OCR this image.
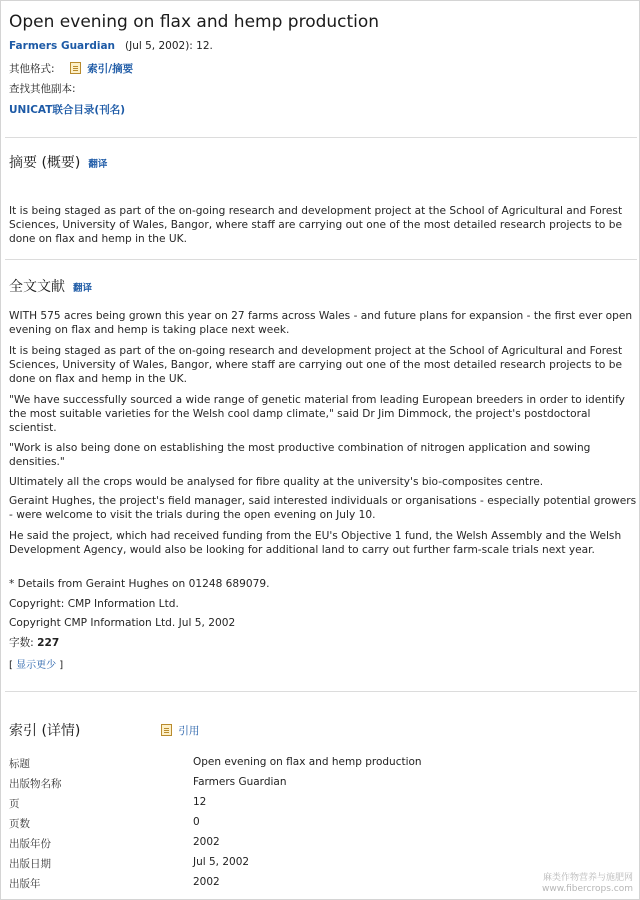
Open evening on flax and hemp production
Farmers Guardian (Jul 5, 2002): 12.
其他格式:	索引/摘要
查找其他副本:
UNICAT联合目录(刊名)
摘要 (概要) 翻译
It is being staged as part of the on-going research and development project at the School of Agricultural and Forest Sciences, University of Wales, Bangor, where staff are carrying out one of the most detailed research projects to be done on flax and hemp in the UK.
全文文献 翻译
WITH 575 acres being grown this year on 27 farms across Wales - and future plans for expansion - the first ever open evening on flax and hemp is taking place next week.
It is being staged as part of the on-going research and development project at the School of Agricultural and Forest Sciences, University of Wales, Bangor, where staff are carrying out one of the most detailed research projects to be done on flax and hemp in the UK.
"We have successfully sourced a wide range of genetic material from leading European breeders in order to identify the most suitable varieties for the Welsh cool damp climate," said Dr Jim Dimmock, the project's postdoctoral scientist.
"Work is also being done on establishing the most productive combination of nitrogen application and sowing densities."
Ultimately all the crops would be analysed for fibre quality at the university's bio-composites centre.
Geraint Hughes, the project's field manager, said interested individuals or organisations - especially potential growers - were welcome to visit the trials during the open evening on July 10.
He said the project, which had received funding from the EU's Objective 1 fund, the Welsh Assembly and the Welsh Development Agency, would also be looking for additional land to carry out further farm-scale trials next year.
* Details from Geraint Hughes on 01248 689079.
Copyright: CMP Information Ltd.
Copyright CMP Information Ltd. Jul 5, 2002
字数: 227
[ 显示更少 ]
索引 (详情)	引用
标题	Open evening on flax and hemp production
出版物名称	Farmers Guardian
页	12
页数	0
出版年份	2002
出版日期	Jul 5, 2002
出版年	2002	麻类作物营养与施肥网
www.fibercrops.com
